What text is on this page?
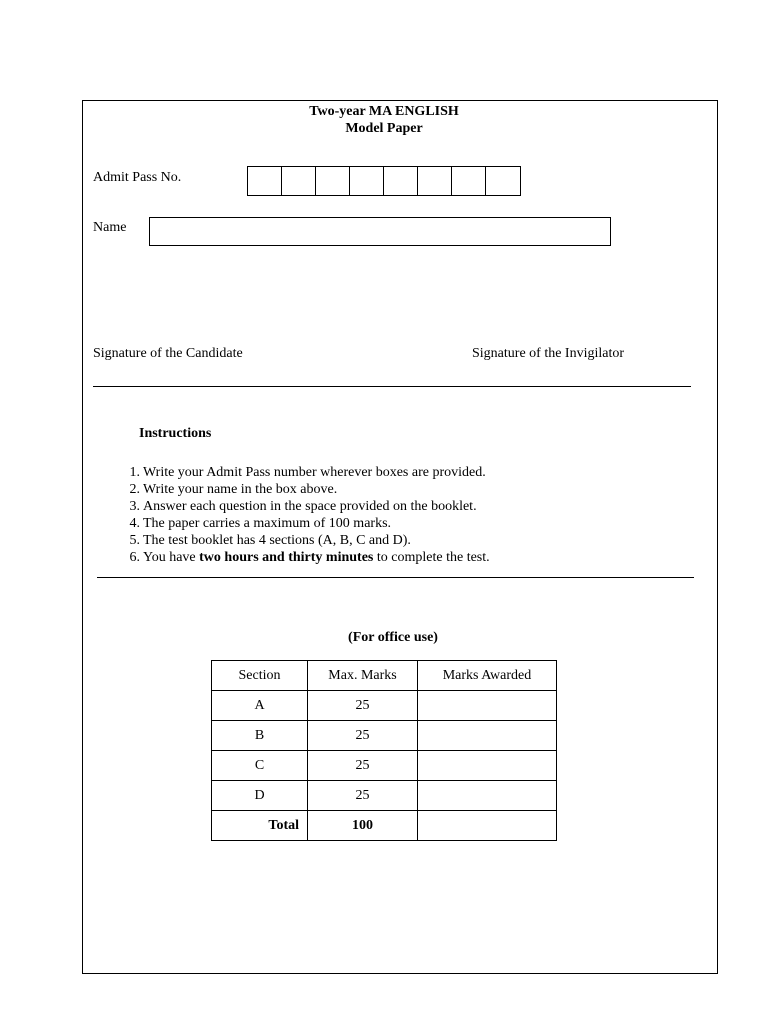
Two-year MA ENGLISH
Model Paper
Admit Pass No.
Name
Signature of the Candidate	Signature of the Invigilator
Instructions
1. Write your Admit Pass number wherever boxes are provided.
2. Write your name in the box above.
3. Answer each question in the space provided on the booklet.
4. The paper carries a maximum of 100 marks.
5. The test booklet has 4 sections (A, B, C and D).
6. You have two hours and thirty minutes to complete the test.
(For office use)
Section	Max. Marks	Marks Awarded
A	25	
B	25	
C	25	
D	25	
Total	100	
